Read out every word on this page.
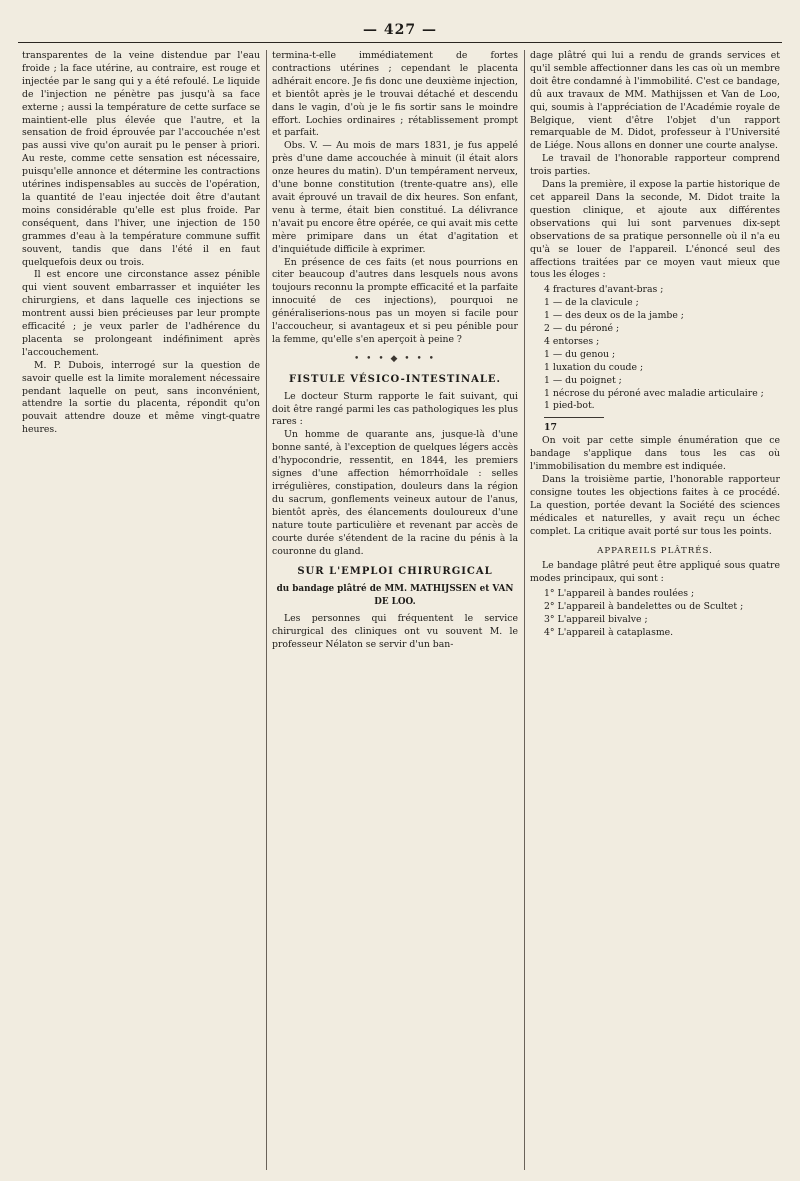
— 427 —

transparentes de la veine distendue par l'eau froide ; la face utérine, au contraire, est rouge et injectée par le sang qui y a été refoulé. Le liquide de l'injection ne pénètre pas jusqu'à sa face externe ; aussi la température de cette surface se maintient-elle plus élevée que l'autre, et la sensation de froid éprouvée par l'accouchée n'est pas aussi vive qu'on aurait pu le penser à priori. Au reste, comme cette sensation est nécessaire, puisqu'elle annonce et détermine les contractions utérines indispensables au succès de l'opération, la quantité de l'eau injectée doit être d'autant moins considérable qu'elle est plus froide. Par conséquent, dans l'hiver, une injection de 150 grammes d'eau à la température commune suffit souvent, tandis que dans l'été il en faut quelquefois deux ou trois.

Il est encore une circonstance assez pénible qui vient souvent embarrasser et inquiéter les chirurgiens, et dans laquelle ces injections se montrent aussi bien précieuses par leur prompte efficacité ; je veux parler de l'adhérence du placenta se prolongeant indéfiniment après l'accouchement.

M. P. Dubois, interrogé sur la question de savoir quelle est la limite moralement nécessaire pendant laquelle on peut, sans inconvénient, attendre la sortie du placenta, répondit qu'on pouvait attendre douze et même vingt-quatre heures.

termina-t-elle immédiatement de fortes contractions utérines ; cependant le placenta adhérait encore. Je fis donc une deuxième injection, et bientôt après je le trouvai détaché et descendu dans le vagin, d'où je le fis sortir sans le moindre effort. Lochies ordinaires ; rétablissement prompt et parfait.

Obs. V. — Au mois de mars 1831, je fus appelé près d'une dame accouchée à minuit (il était alors onze heures du matin). D'un tempérament nerveux, d'une bonne constitution (trente-quatre ans), elle avait éprouvé un travail de dix heures. Son enfant, venu à terme, était bien constitué. La délivrance n'avait pu encore être opérée, ce qui avait mis cette mère primipare dans un état d'agitation et d'inquiétude difficile à exprimer.

En présence de ces faits (et nous pourrions en citer beaucoup d'autres dans lesquels nous avons toujours reconnu la prompte efficacité et la parfaite innocuité de ces injections), pourquoi ne généraliserions-nous pas un moyen si facile pour l'accoucheur, si avantageux et si peu pénible pour la femme, qu'elle s'en aperçoit à peine ?

• • • ◆ • • •
FISTULE VÉSICO-INTESTINALE.

Le docteur Sturm rapporte le fait suivant, qui doit être rangé parmi les cas pathologiques les plus rares :

Un homme de quarante ans, jusque-là d'une bonne santé, à l'exception de quelques légers accès d'hypocondrie, ressentit, en 1844, les premiers signes d'une affection hémorrhoïdale : selles irrégulières, constipation, douleurs dans la région du sacrum, gonflements veineux autour de l'anus, bientôt après, des élancements douloureux d'une nature toute particulière et revenant par accès de courte durée s'étendent de la racine du pénis à la couronne du gland.

SUR L'EMPLOI CHIRURGICAL
du bandage plâtré de MM. MATHIJSSEN et VAN DE LOO.

Les personnes qui fréquentent le service chirurgical des cliniques ont vu souvent M. le professeur Nélaton se servir d'un ban-

dage plâtré qui lui a rendu de grands services et qu'il semble affectionner dans les cas où un membre doit être condamné à l'immobilité. C'est ce bandage, dû aux travaux de MM. Mathijssen et Van de Loo, qui, soumis à l'appréciation de l'Académie royale de Belgique, vient d'être l'objet d'un rapport remarquable de M. Didot, professeur à l'Université de Liége. Nous allons en donner une courte analyse.

Le travail de l'honorable rapporteur comprend trois parties.

Dans la première, il expose la partie historique de cet appareil Dans la seconde, M. Didot traite la question clinique, et ajoute aux différentes observations qui lui sont parvenues dix-sept observations de sa pratique personnelle où il n'a eu qu'à se louer de l'appareil. L'énoncé seul des affections traitées par ce moyen vaut mieux que tous les éloges :

4 fractures d'avant-bras ;
1 — de la clavicule ;
1 — des deux os de la jambe ;
2 — du péroné ;
4 entorses ;
1 — du genou ;
1 luxation du coude ;
1 — du poignet ;
1 nécrose du péroné avec maladie articulaire ;
1 pied-bot.
17

On voit par cette simple énumération que ce bandage s'applique dans tous les cas où l'immobilisation du membre est indiquée.

Dans la troisième partie, l'honorable rapporteur consigne toutes les objections faites à ce procédé. La question, portée devant la Société des sciences médicales et naturelles, y avait reçu un échec complet. La critique avait porté sur tous les points.

APPAREILS PLÂTRÉS.

Le bandage plâtré peut être appliqué sous quatre modes principaux, qui sont :

1° L'appareil à bandes roulées ;
2° L'appareil à bandelettes ou de Scultet ;
3° L'appareil bivalve ;
4° L'appareil à cataplasme.
